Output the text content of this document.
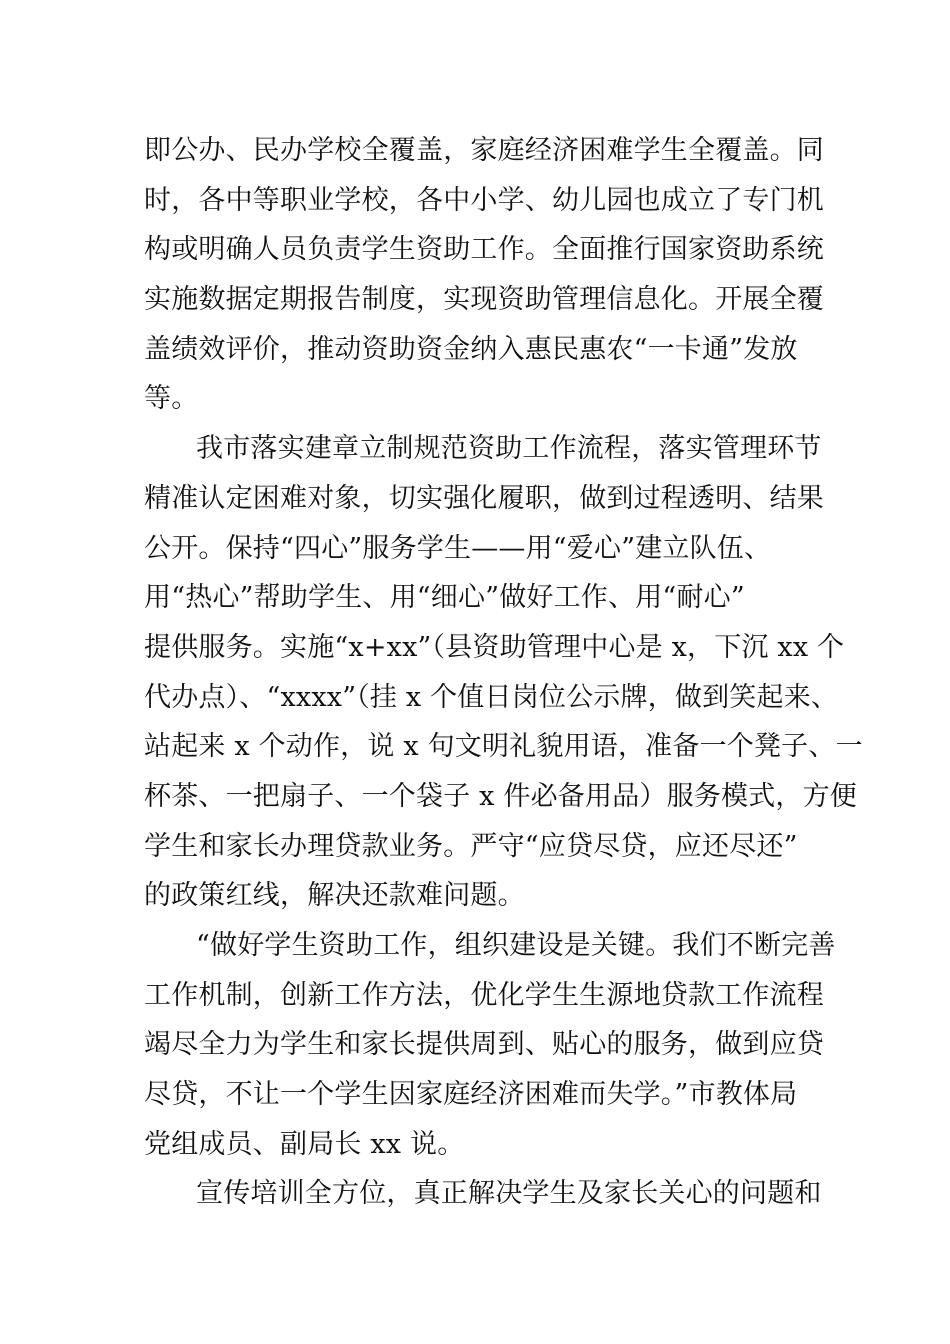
即公办、民办学校全覆盖，家庭经济困难学生全覆盖。同
时，各中等职业学校，各中小学、幼儿园也成立了专门机
构或明确人员负责学生资助工作。全面推行国家资助系统
实施数据定期报告制度，实现资助管理信息化。开展全覆
盖绩效评价，推动资助资金纳入惠民惠农“一卡通”发放
等。
我市落实建章立制规范资助工作流程，落实管理环节
精准认定困难对象，切实强化履职，做到过程透明、结果
公开。保持“四心”服务学生——用“爱心”建立队伍、
用“热心”帮助学生、用“细心”做好工作、用“耐心”
提供服务。实施“x+xx”（县资助管理中心是 x，下沉 xx 个
代办点）、“xxxx”（挂 x 个值日岗位公示牌，做到笑起来、
站起来 x 个动作，说 x 句文明礼貌用语，准备一个凳子、一
杯茶、一把扇子、一个袋子 x 件必备用品）服务模式，方便
学生和家长办理贷款业务。严守“应贷尽贷，应还尽还”
的政策红线，解决还款难问题。
“做好学生资助工作，组织建设是关键。我们不断完善
工作机制，创新工作方法，优化学生生源地贷款工作流程
竭尽全力为学生和家长提供周到、贴心的服务，做到应贷
尽贷，不让一个学生因家庭经济困难而失学。”市教体局
党组成员、副局长 xx 说。
宣传培训全方位，真正解决学生及家长关心的问题和
